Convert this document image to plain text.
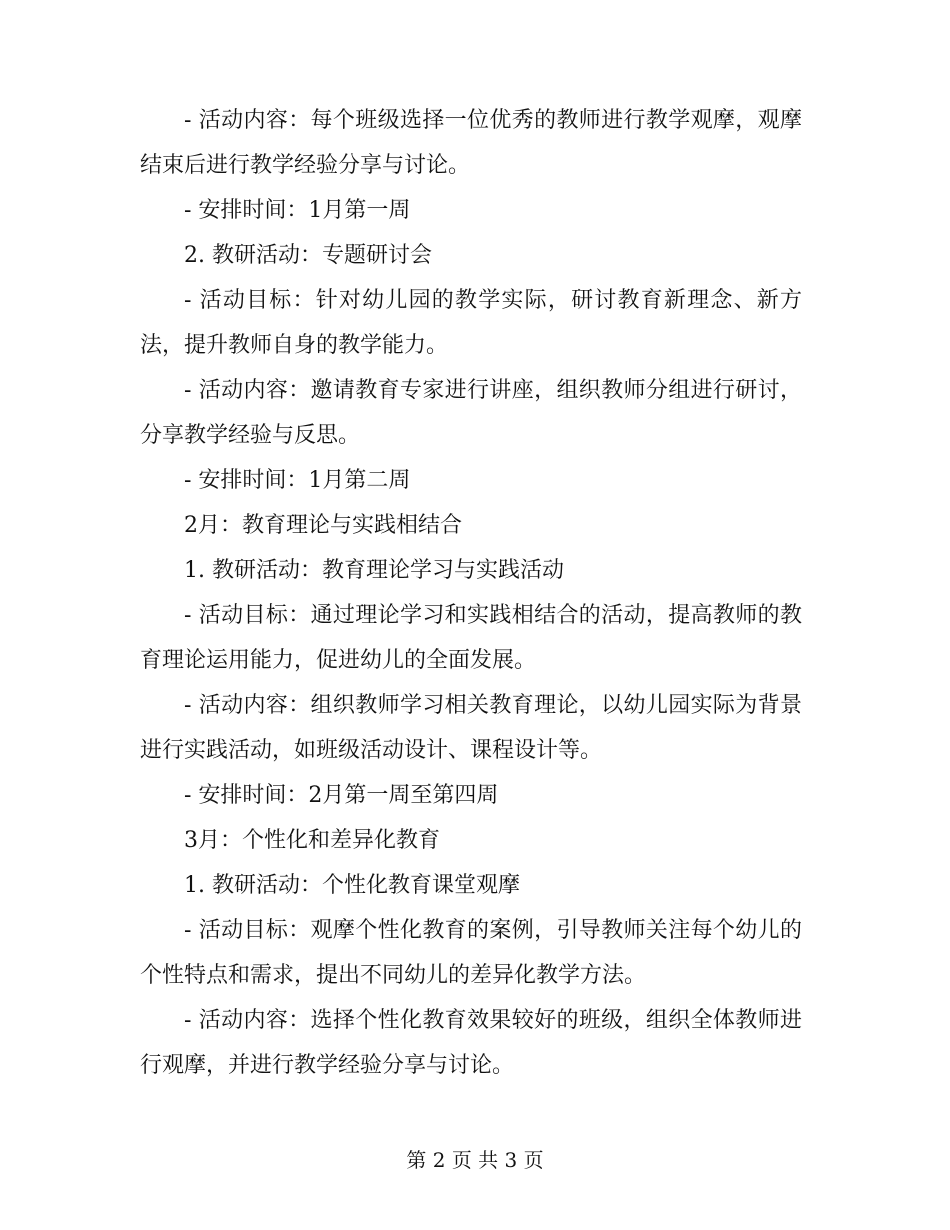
- 活动内容：每个班级选择一位优秀的教师进行教学观摩，观摩结束后进行教学经验分享与讨论。

- 安排时间：1月第一周

2. 教研活动：专题研讨会

- 活动目标：针对幼儿园的教学实际，研讨教育新理念、新方法，提升教师自身的教学能力。

- 活动内容：邀请教育专家进行讲座，组织教师分组进行研讨，分享教学经验与反思。

- 安排时间：1月第二周

2月：教育理论与实践相结合

1. 教研活动：教育理论学习与实践活动

- 活动目标：通过理论学习和实践相结合的活动，提高教师的教育理论运用能力，促进幼儿的全面发展。

- 活动内容：组织教师学习相关教育理论，以幼儿园实际为背景进行实践活动，如班级活动设计、课程设计等。

- 安排时间：2月第一周至第四周

3月：个性化和差异化教育

1. 教研活动：个性化教育课堂观摩

- 活动目标：观摩个性化教育的案例，引导教师关注每个幼儿的个性特点和需求，提出不同幼儿的差异化教学方法。

- 活动内容：选择个性化教育效果较好的班级，组织全体教师进行观摩，并进行教学经验分享与讨论。

第 2 页 共 3 页
